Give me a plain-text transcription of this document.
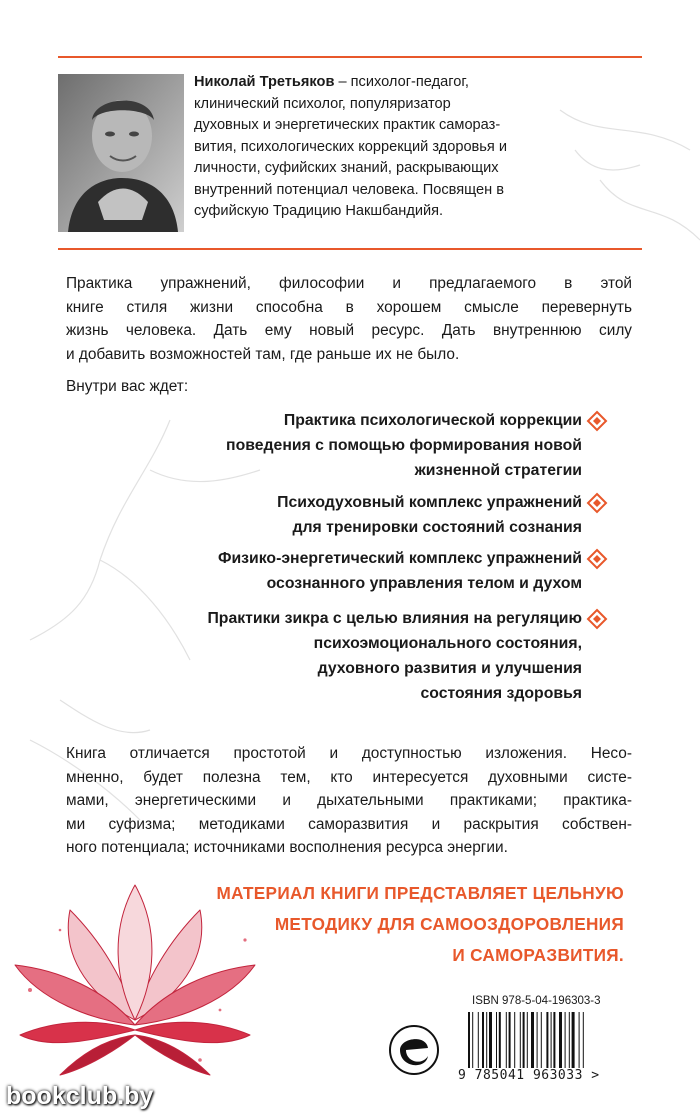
Николай Третьяков – психолог-педагог,
клинический психолог, популяризатор
духовных и энергетических практик самораз-
вития, психологических коррекций здоровья и
личности, суфийских знаний, раскрывающих
внутренний потенциал человека. Посвящен в
суфийскую Традицию Накшбандийя.
Практика упражнений, философии и предлагаемого в этой
книге стиля жизни способна в хорошем смысле перевернуть
жизнь человека. Дать ему новый ресурс. Дать внутреннюю силу
и добавить возможностей там, где раньше их не было.
Внутри вас ждет:
Практика психологической коррекции
поведения с помощью формирования новой
жизненной стратегии
Психодуховный комплекс упражнений
для тренировки состояний сознания
Физико-энергетический комплекс упражнений
осознанного управления телом и духом
Практики зикра с целью влияния на регуляцию
психоэмоционального состояния,
духовного развития и улучшения
состояния здоровья
Книга отличается простотой и доступностью изложения. Несо-
мненно, будет полезна тем, кто интересуется духовными систе-
мами, энергетическими и дыхательными практиками; практика-
ми суфизма; методиками саморазвития и раскрытия собствен-
ного потенциала; источниками восполнения ресурса энергии.
МАТЕРИАЛ КНИГИ ПРЕДСТАВЛЯЕТ ЦЕЛЬНУЮ
МЕТОДИКУ ДЛЯ САМООЗДОРОВЛЕНИЯ
И САМОРАЗВИТИЯ.
ISBN 978-5-04-196303-3
9 785041 963033 >
bookclub.by
